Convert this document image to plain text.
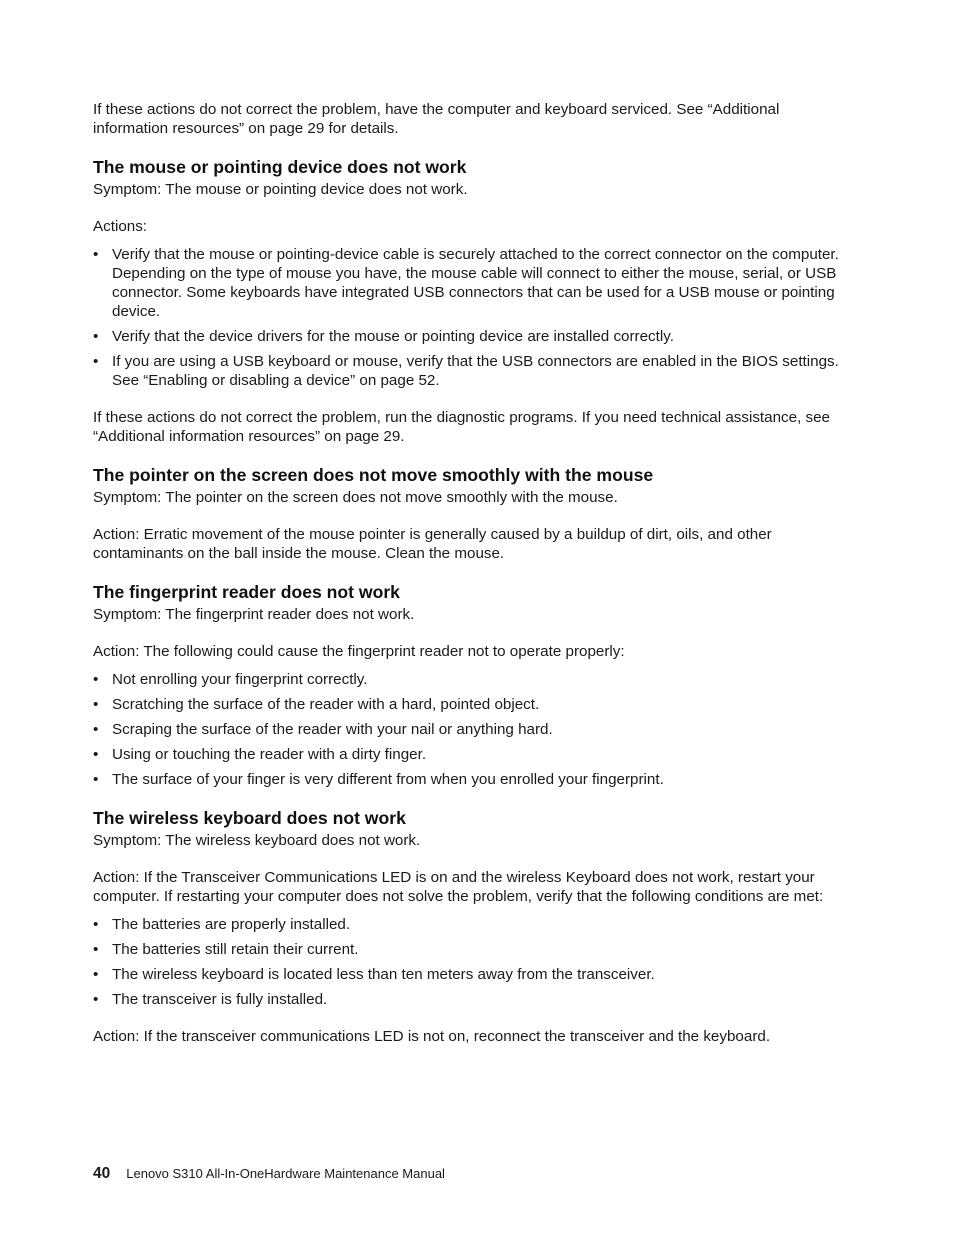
If these actions do not correct the problem, have the computer and keyboard serviced. See “Additional information resources” on page 29 for details.

The mouse or pointing device does not work

Symptom: The mouse or pointing device does not work.

Actions:

• Verify that the mouse or pointing-device cable is securely attached to the correct connector on the computer. Depending on the type of mouse you have, the mouse cable will connect to either the mouse, serial, or USB connector. Some keyboards have integrated USB connectors that can be used for a USB mouse or pointing device.
• Verify that the device drivers for the mouse or pointing device are installed correctly.
• If you are using a USB keyboard or mouse, verify that the USB connectors are enabled in the BIOS settings. See “Enabling or disabling a device” on page 52.

If these actions do not correct the problem, run the diagnostic programs. If you need technical assistance, see “Additional information resources” on page 29.

The pointer on the screen does not move smoothly with the mouse

Symptom: The pointer on the screen does not move smoothly with the mouse.

Action: Erratic movement of the mouse pointer is generally caused by a buildup of dirt, oils, and other contaminants on the ball inside the mouse. Clean the mouse.

The fingerprint reader does not work

Symptom: The fingerprint reader does not work.

Action: The following could cause the fingerprint reader not to operate properly:

• Not enrolling your fingerprint correctly.
• Scratching the surface of the reader with a hard, pointed object.
• Scraping the surface of the reader with your nail or anything hard.
• Using or touching the reader with a dirty finger.
• The surface of your finger is very different from when you enrolled your fingerprint.
The wireless keyboard does not work

Symptom: The wireless keyboard does not work.

Action: If the Transceiver Communications LED is on and the wireless Keyboard does not work, restart your computer. If restarting your computer does not solve the problem, verify that the following conditions are met:

• The batteries are properly installed.
• The batteries still retain their current.
• The wireless keyboard is located less than ten meters away from the transceiver.
• The transceiver is fully installed.

Action: If the transceiver communications LED is not on, reconnect the transceiver and the keyboard.

40 Lenovo S310 All-In-OneHardware Maintenance Manual
